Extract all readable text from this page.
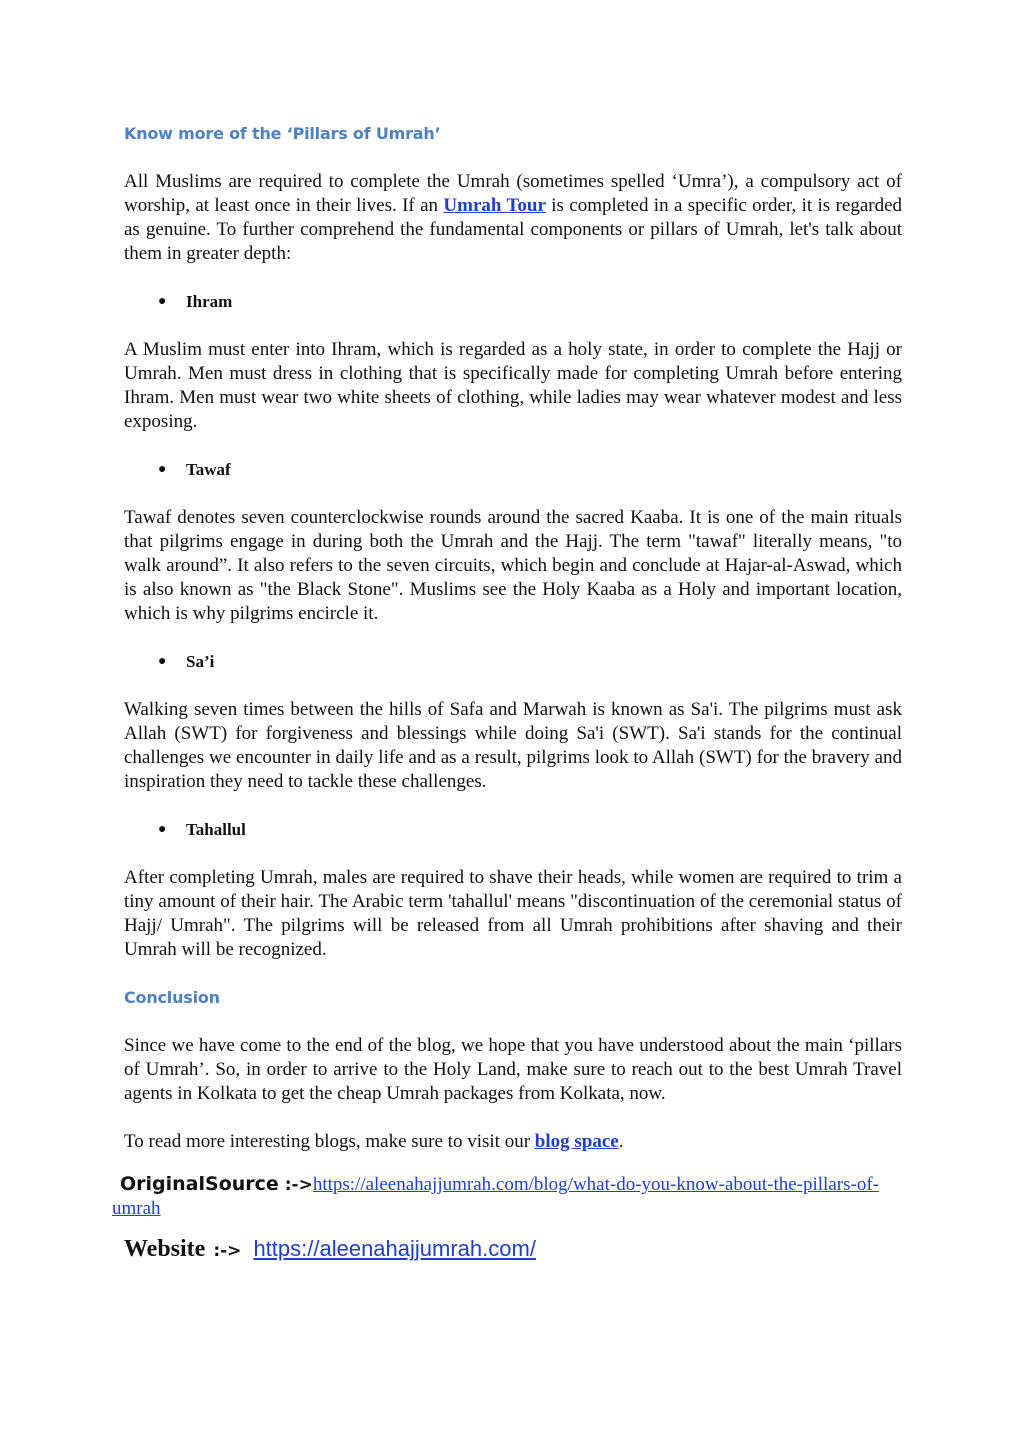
Know more of the ‘Pillars of Umrah’

All Muslims are required to complete the Umrah (sometimes spelled ‘Umra’), a compulsory act of worship, at least once in their lives. If an Umrah Tour is completed in a specific order, it is regarded as genuine. To further comprehend the fundamental components or pillars of Umrah, let's talk about them in greater depth:

●	Ihram

A Muslim must enter into Ihram, which is regarded as a holy state, in order to complete the Hajj or Umrah. Men must dress in clothing that is specifically made for completing Umrah before entering Ihram. Men must wear two white sheets of clothing, while ladies may wear whatever modest and less exposing.

●	Tawaf

Tawaf denotes seven counterclockwise rounds around the sacred Kaaba. It is one of the main rituals that pilgrims engage in during both the Umrah and the Hajj. The term "tawaf" literally means, "to walk around”. It also refers to the seven circuits, which begin and conclude at Hajar-al-Aswad, which is also known as "the Black Stone". Muslims see the Holy Kaaba as a Holy and important location, which is why pilgrims encircle it.

●	Sa’i

Walking seven times between the hills of Safa and Marwah is known as Sa'i. The pilgrims must ask Allah (SWT) for forgiveness and blessings while doing Sa'i (SWT). Sa'i stands for the continual challenges we encounter in daily life and as a result, pilgrims look to Allah (SWT) for the bravery and inspiration they need to tackle these challenges.

●	Tahallul

After completing Umrah, males are required to shave their heads, while women are required to trim a tiny amount of their hair. The Arabic term 'tahallul' means "discontinuation of the ceremonial status of Hajj/ Umrah". The pilgrims will be released from all Umrah prohibitions after shaving and their Umrah will be recognized.

Conclusion

Since we have come to the end of the blog, we hope that you have understood about the main ‘pillars of Umrah’. So, in order to arrive to the Holy Land, make sure to reach out to the best Umrah Travel agents in Kolkata to get the cheap Umrah packages from Kolkata, now.

To read more interesting blogs, make sure to visit our blog space.

OriginalSource :->https://aleenahajjumrah.com/blog/what-do-you-know-about-the-pillars-of-umrah
Website :-> https://aleenahajjumrah.com/
